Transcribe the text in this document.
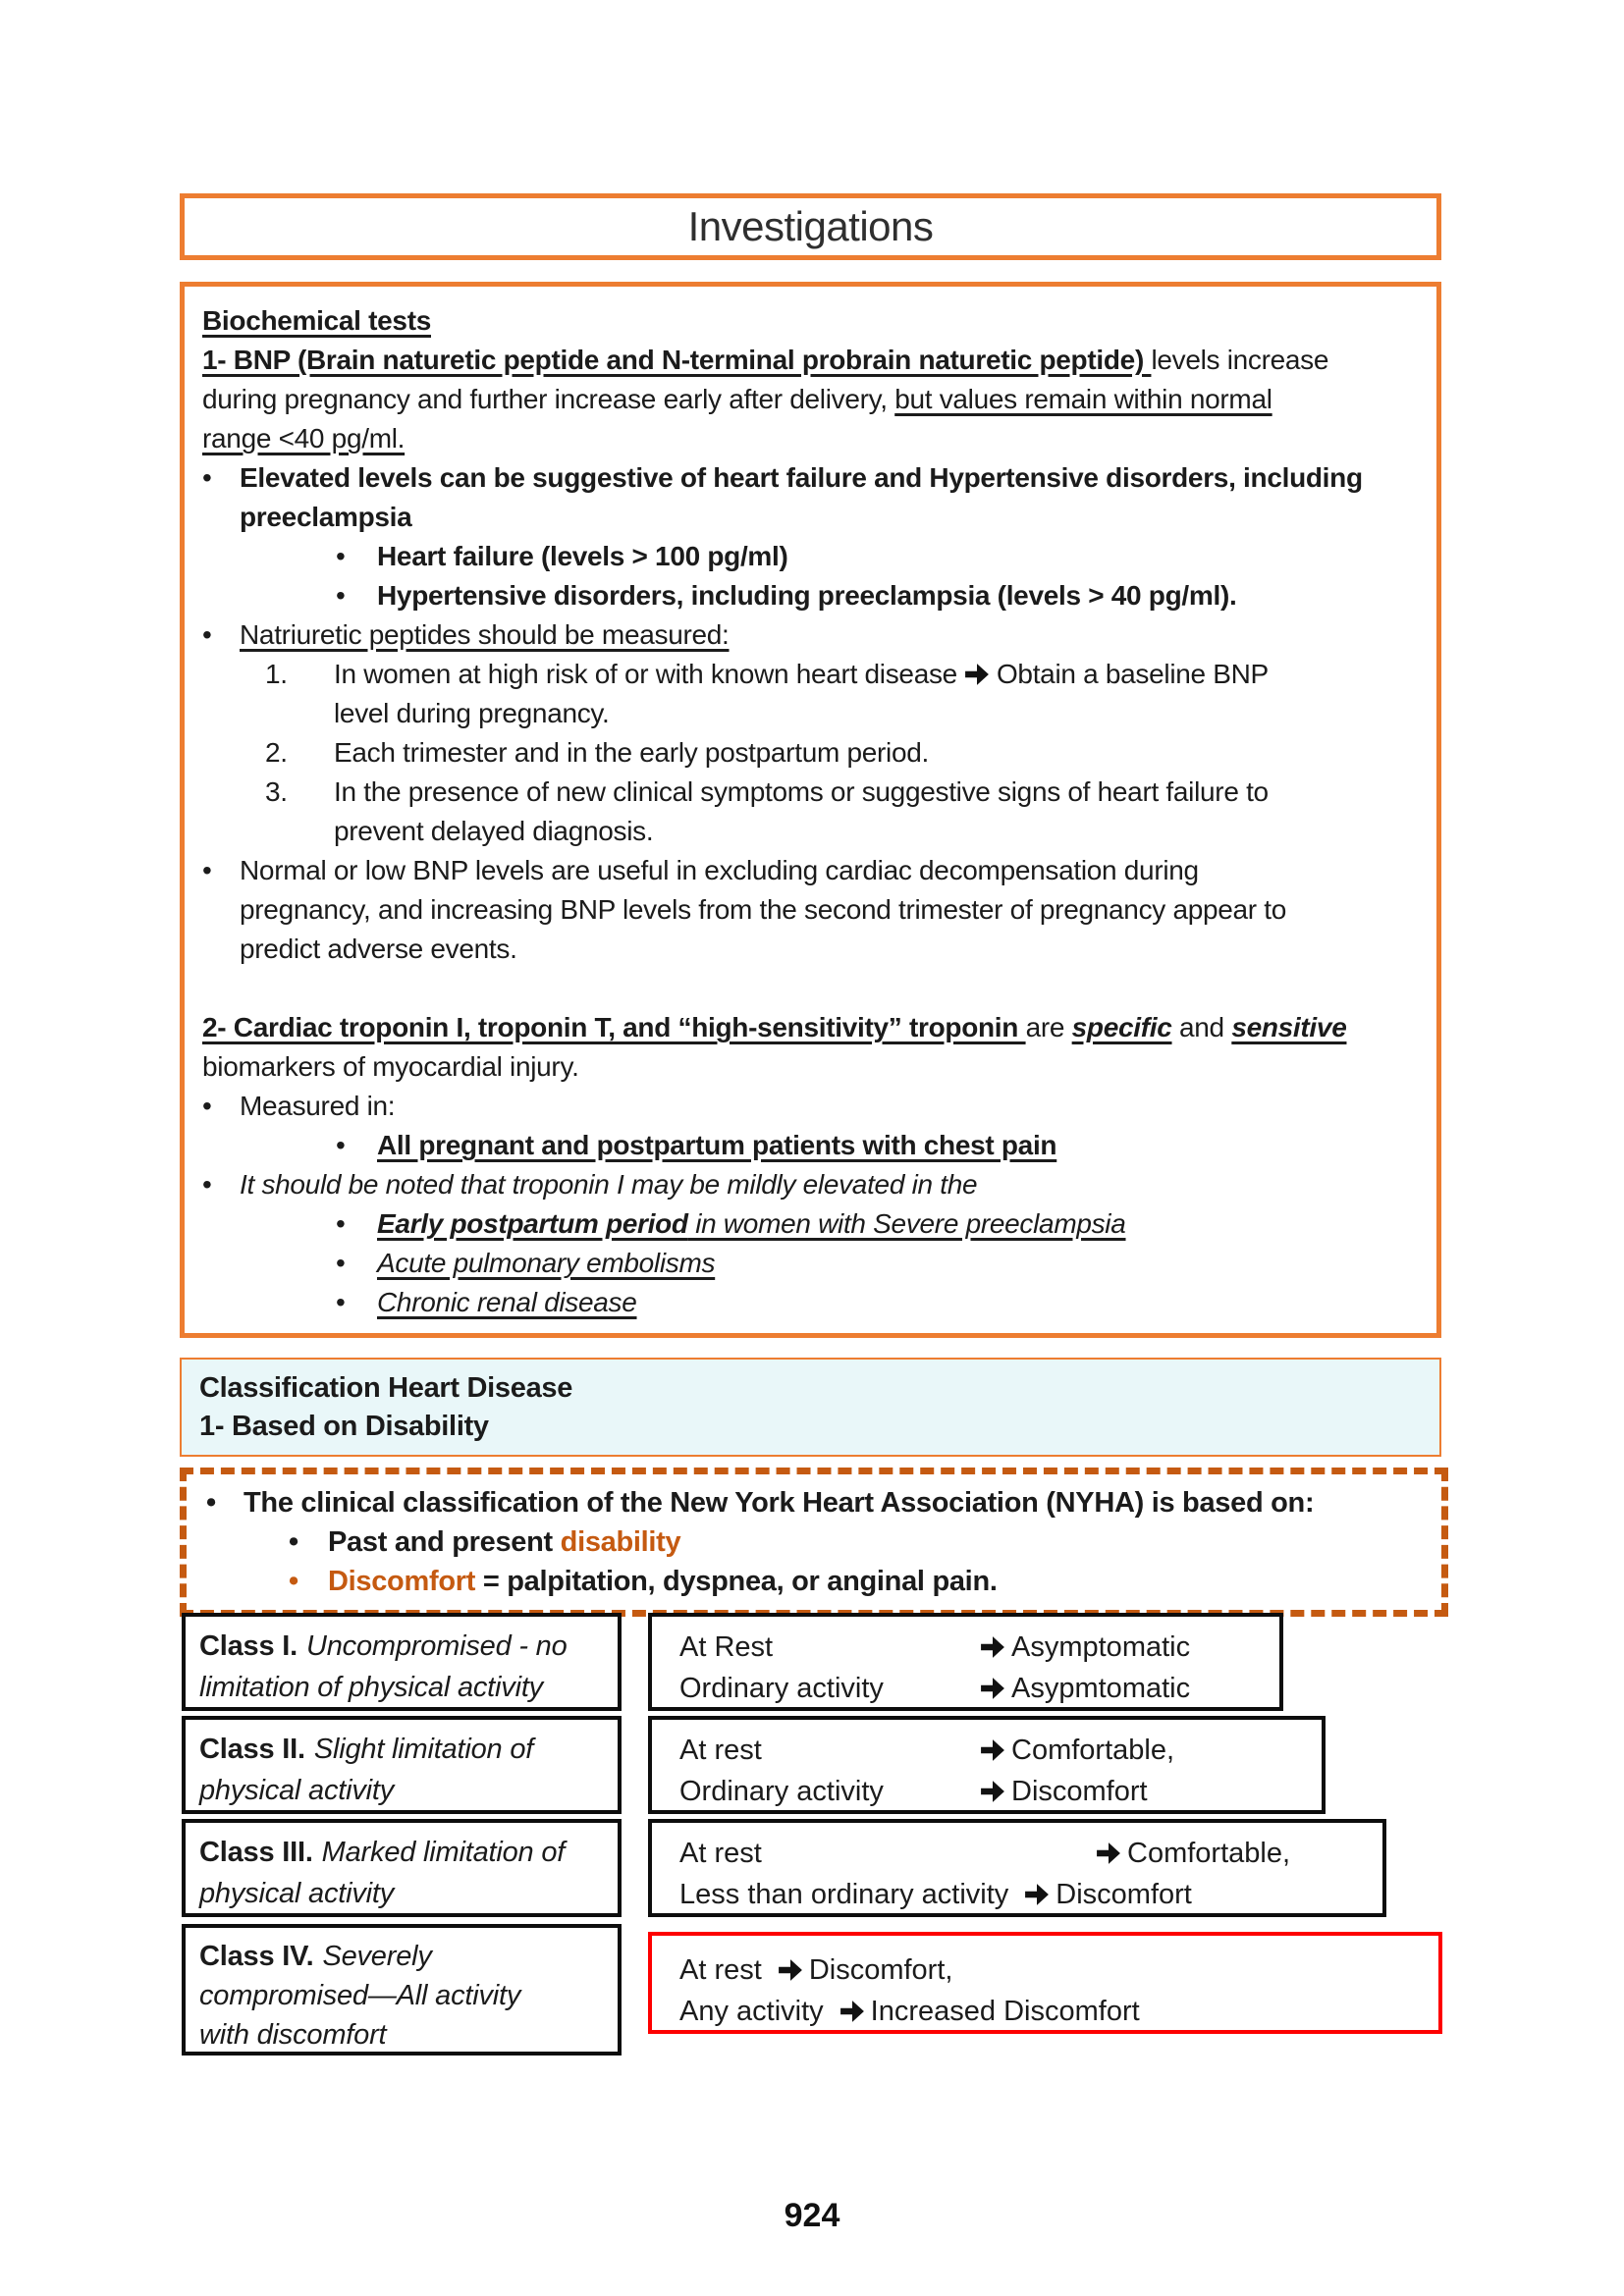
Investigations
Biochemical tests
1- BNP (Brain naturetic peptide and N-terminal probrain naturetic peptide) levels increase
during pregnancy and further increase early after delivery, but values remain within normal
range <40 pg/ml.
•	Elevated levels can be suggestive of heart failure and Hypertensive disorders, including
preeclampsia
•	Heart failure (levels > 100 pg/ml)
•	Hypertensive disorders, including preeclampsia (levels > 40 pg/ml).
•	Natriuretic peptides should be measured:
1.	In women at high risk of or with known heart disease Obtain a baseline BNP
level during pregnancy.
2.	Each trimester and in the early postpartum period.
3.	In the presence of new clinical symptoms or suggestive signs of heart failure to
prevent delayed diagnosis.
•	Normal or low BNP levels are useful in excluding cardiac decompensation during
pregnancy, and increasing BNP levels from the second trimester of pregnancy appear to
predict adverse events.
2- Cardiac troponin I, troponin T, and “high-sensitivity” troponin are specific and sensitive
biomarkers of myocardial injury.
•	Measured in:
•	All pregnant and postpartum patients with chest pain
•	It should be noted that troponin I may be mildly elevated in the
•	Early postpartum period in women with Severe preeclampsia
•	Acute pulmonary embolisms
•	Chronic renal disease
Classification Heart Disease
1- Based on Disability
• The clinical classification of the New York Heart Association (NYHA) is based on:
•	Past and present disability
•	Discomfort = palpitation, dyspnea, or anginal pain.
Class I. Uncompromised - no
limitation of physical activity
At Rest	Asymptomatic
Ordinary activity	Asypmtomatic
Class II. Slight limitation of
physical activity
At rest	Comfortable,
Ordinary activity	Discomfort
Class III. Marked limitation of
physical activity
At rest	Comfortable,
Less than ordinary activity Discomfort
Class IV. Severely
compromised—All activity
with discomfort
At rest Discomfort,
Any activity Increased Discomfort
924
